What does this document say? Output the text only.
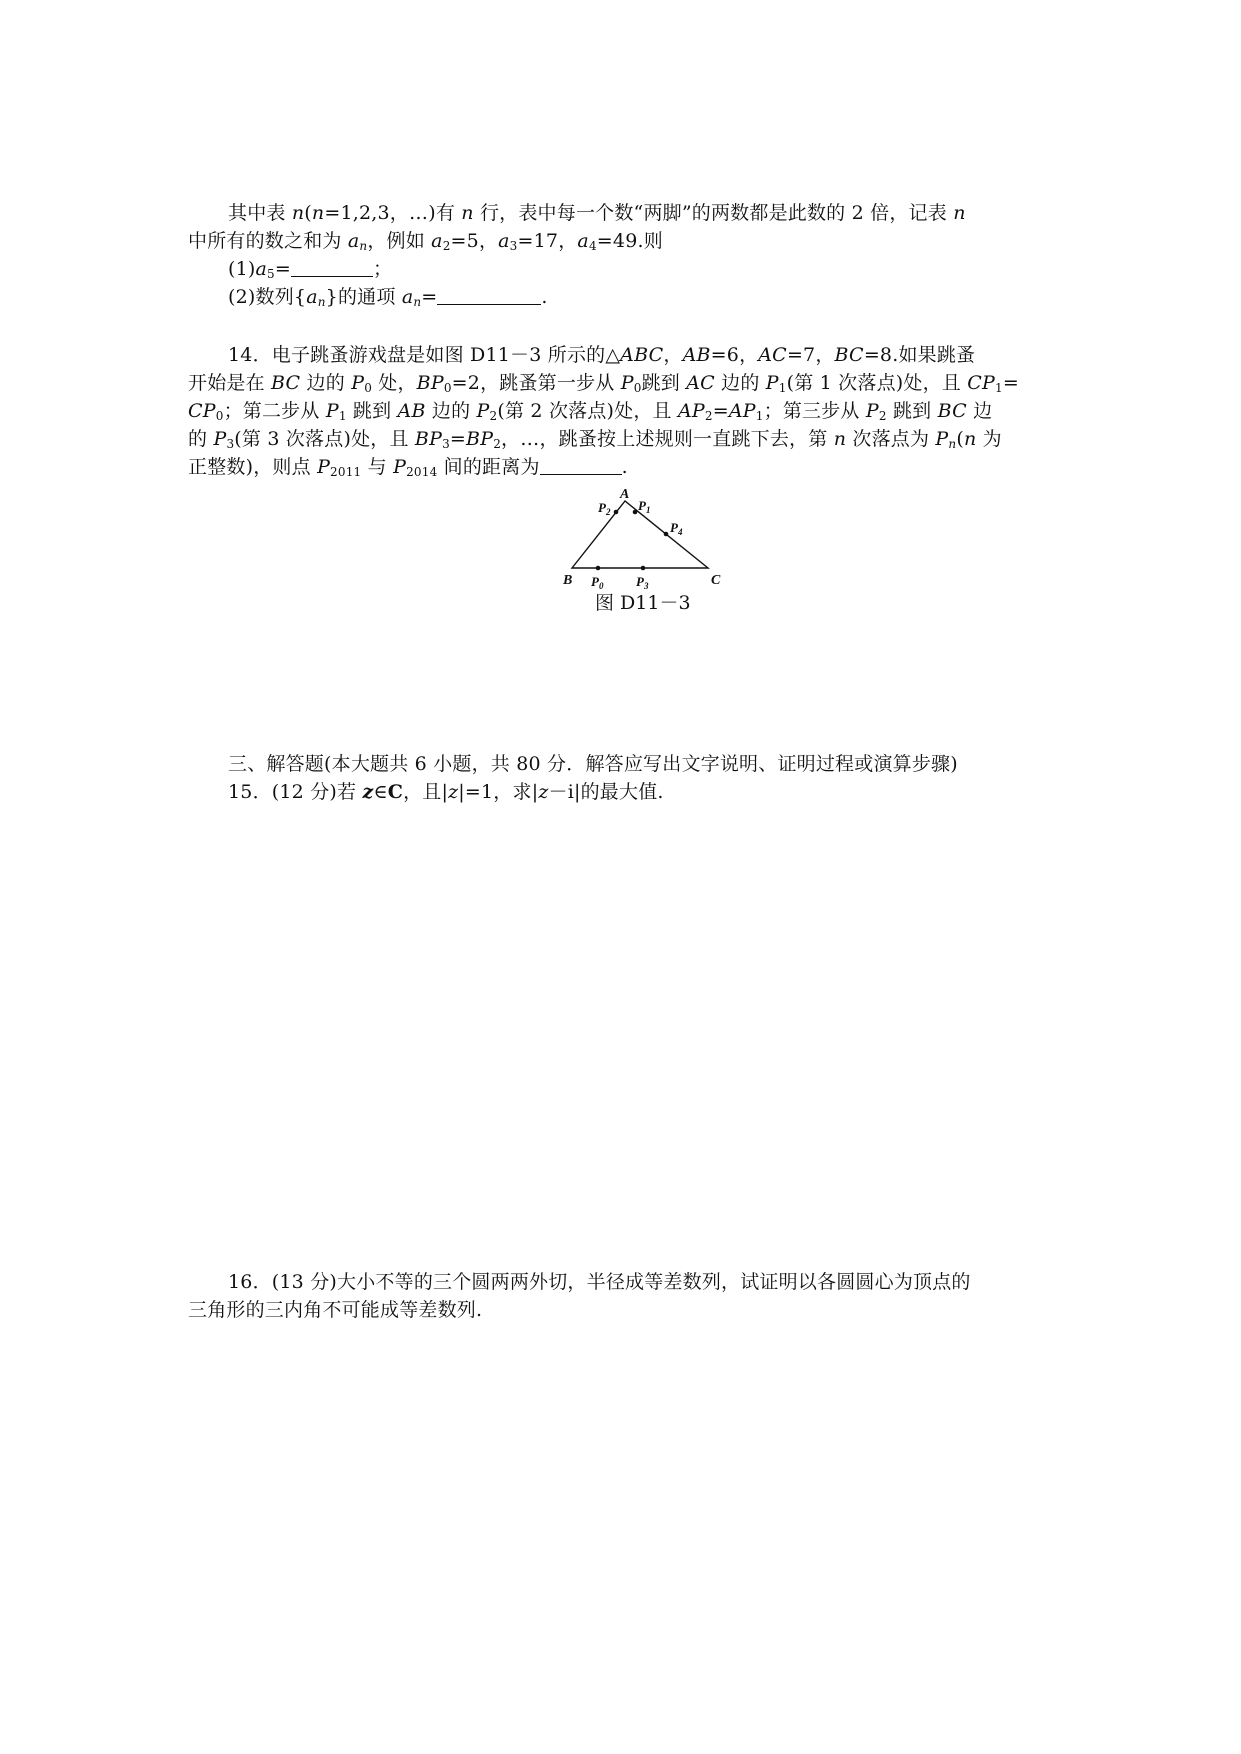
其中表 n(n=1,2,3，…)有 n 行，表中每一个数“两脚”的两数都是此数的 2 倍，记表 n
中所有的数之和为 $a_n$，例如 $a_2=5$，$a_3=17$，$a_4=49$.则
$(1)a_5=$	；
(2)数列$\{a_n\}$的通项 $a_n=$	.
14．电子跳蚤游戏盘是如图 D11－3 所示的△ABC，AB=6，AC=7，BC=8.如果跳蚤
开始是在 BC 边的 $P_0$ 处，$BP_0=2$，跳蚤第一步从 $P_0$跳到 AC 边的 $P_1$(第 1 次落点)处，且 $CP_1=$
$CP_0$；第二步从 $P_1$ 跳到 AB 边的 $P_2$(第 2 次落点)处，且 $AP_2=AP_1$；第三步从 $P_2$ 跳到 BC 边
的 $P_3$(第 3 次落点)处，且 $BP_3=BP_2$，…，跳蚤按上述规则一直跳下去，第 n 次落点为 $P_n(n$ 为
正整数)，则点 $P_{2011}$ 与 $P_{2014}$ 间的距离为	.
A
B	C
$P_2$ $P_1$
$P_4$
$P_0$	$P_3$
图 D11－3
三、解答题(本大题共 6 小题，共 80 分．解答应写出文字说明、证明过程或演算步骤)
15．(12 分)若 z∈C，且|z|=1，求|z－i|的最大值.
16．(13 分)大小不等的三个圆两两外切，半径成等差数列，试证明以各圆圆心为顶点的
三角形的三内角不可能成等差数列.
